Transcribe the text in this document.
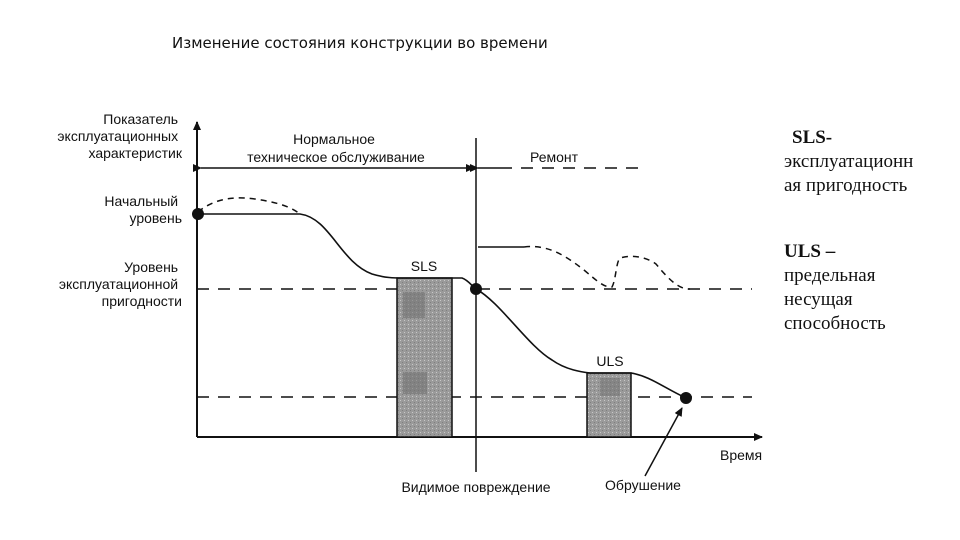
Изменение состояния конструкции во времени
Показатель эксплуатационных характеристик
Начальный уровень
Уровень эксплуатационной пригодности
Нормальное техническое обслуживание	Ремонт
SLS
ULS
Время
Видимое повреждение	Обрушение
SLS-
эксплуатационн
ая пригодность
ULS –
предельная
несущая
способность
